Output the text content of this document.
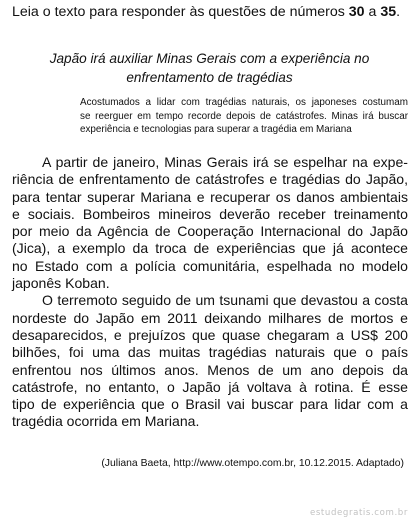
Leia o texto para responder às questões de números 30 a 35.
Japão irá auxiliar Minas Gerais com a experiência no
enfrentamento de tragédias
Acostumados a lidar com tragédias naturais, os japoneses costumam
se reerguer em tempo recorde depois de catástrofes. Minas irá buscar
experiência e tecnologias para superar a tragédia em Mariana

A partir de janeiro, Minas Gerais irá se espelhar na expe-
riência de enfrentamento de catástrofes e tragédias do Japão,
para tentar superar Mariana e recuperar os danos ambientais
e sociais. Bombeiros mineiros deverão receber treinamento
por meio da Agência de Cooperação Internacional do Japão
(Jica), a exemplo da troca de experiências que já acontece
no Estado com a polícia comunitária, espelhada no modelo
japonês Koban.

O terremoto seguido de um tsunami que devastou a costa
nordeste do Japão em 2011 deixando milhares de mortos e
desaparecidos, e prejuízos que quase chegaram a US$ 200
bilhões, foi uma das muitas tragédias naturais que o país
enfrentou nos últimos anos. Menos de um ano depois da
catástrofe, no entanto, o Japão já voltava à rotina. É esse
tipo de experiência que o Brasil vai buscar para lidar com a
tragédia ocorrida em Mariana.

(Juliana Baeta, http://www.otempo.com.br, 10.12.2015. Adaptado)
estudegratis.com.br
